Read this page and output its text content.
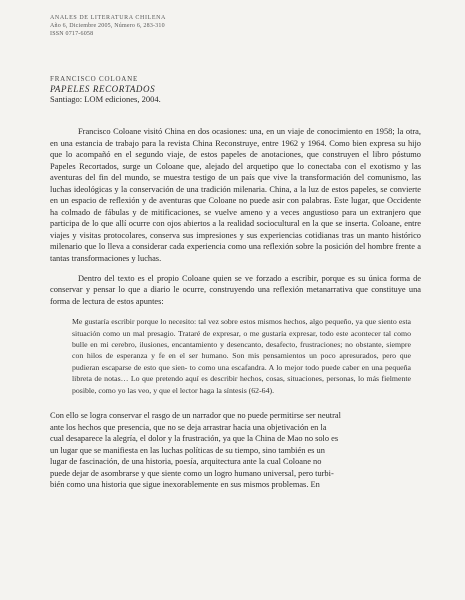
ANALES DE LITERATURA CHILENA
Año 6, Diciembre 2005, Número 6, 283-310
ISSN 0717-6058
FRANCISCO COLOANE
PAPELES RECORTADOS
Santiago: LOM ediciones, 2004.

Francisco Coloane visitó China en dos ocasiones: una, en un viaje de conocimiento en 1958; la otra, en una estancia de trabajo para la revista China Reconstruye, entre 1962 y 1964. Como bien expresa su hijo que lo acompañó en el segundo viaje, de estos papeles de anotaciones, que construyen el libro póstumo Papeles Recortados, surge un Coloane que, alejado del arquetipo que lo conectaba con el exotismo y las aventuras del fin del mundo, se muestra testigo de un país que vive la transformación del comunismo, las luchas ideológicas y la conservación de una tradición milenaria. China, a la luz de estos papeles, se convierte en un espacio de reflexión y de aventuras que Coloane no puede asir con palabras. Este lugar, que Occidente ha colmado de fábulas y de mitificaciones, se vuelve ameno y a veces angustioso para un extranjero que participa de lo que allí ocurre con ojos abiertos a la realidad sociocultural en la que se inserta. Coloane, entre viajes y visitas protocolares, conserva sus impresiones y sus experiencias cotidianas tras un manto histórico milenario que lo lleva a considerar cada experiencia como una reflexión sobre la posición del hombre frente a tantas transformaciones y luchas.

Dentro del texto es el propio Coloane quien se ve forzado a escribir, porque es su única forma de conservar y pensar lo que a diario le ocurre, construyendo una reflexión metanarrativa que constituye una forma de lectura de estos apuntes:

Me gustaría escribir porque lo necesito: tal vez sobre estos mismos hechos, algo pequeño, ya que siento esta situación como un mal presagio. Trataré de expresar, o me gustaría expresar, todo este acontecer tal como bulle en mi cerebro, ilusiones, encantamiento y desencanto, desafecto, frustraciones; no obstante, siempre con hilos de esperanza y fe en el ser humano. Son mis pensamientos un poco apresurados, pero que pudieran escaparse de esto que sien- to como una escafandra. A lo mejor todo puede caber en una pequeña libreta de notas… Lo que pretendo aquí es describir hechos, cosas, situaciones, personas, lo más fielmente posible, como yo las veo, y que el lector haga la síntesis (62-64).
Con ello se logra conservar el rasgo de un narrador que no puede permitirse ser neutral
ante los hechos que presencia, que no se deja arrastrar hacia una objetivación en la
cual desaparece la alegría, el dolor y la frustración, ya que la China de Mao no solo es
un lugar que se manifiesta en las luchas políticas de su tiempo, sino también es un
lugar de fascinación, de una historia, poesía, arquitectura ante la cual Coloane no
puede dejar de asombrarse y que siente como un logro humano universal, pero turbi-
bién como una historia que sigue inexorablemente en sus mismos problemas. En
